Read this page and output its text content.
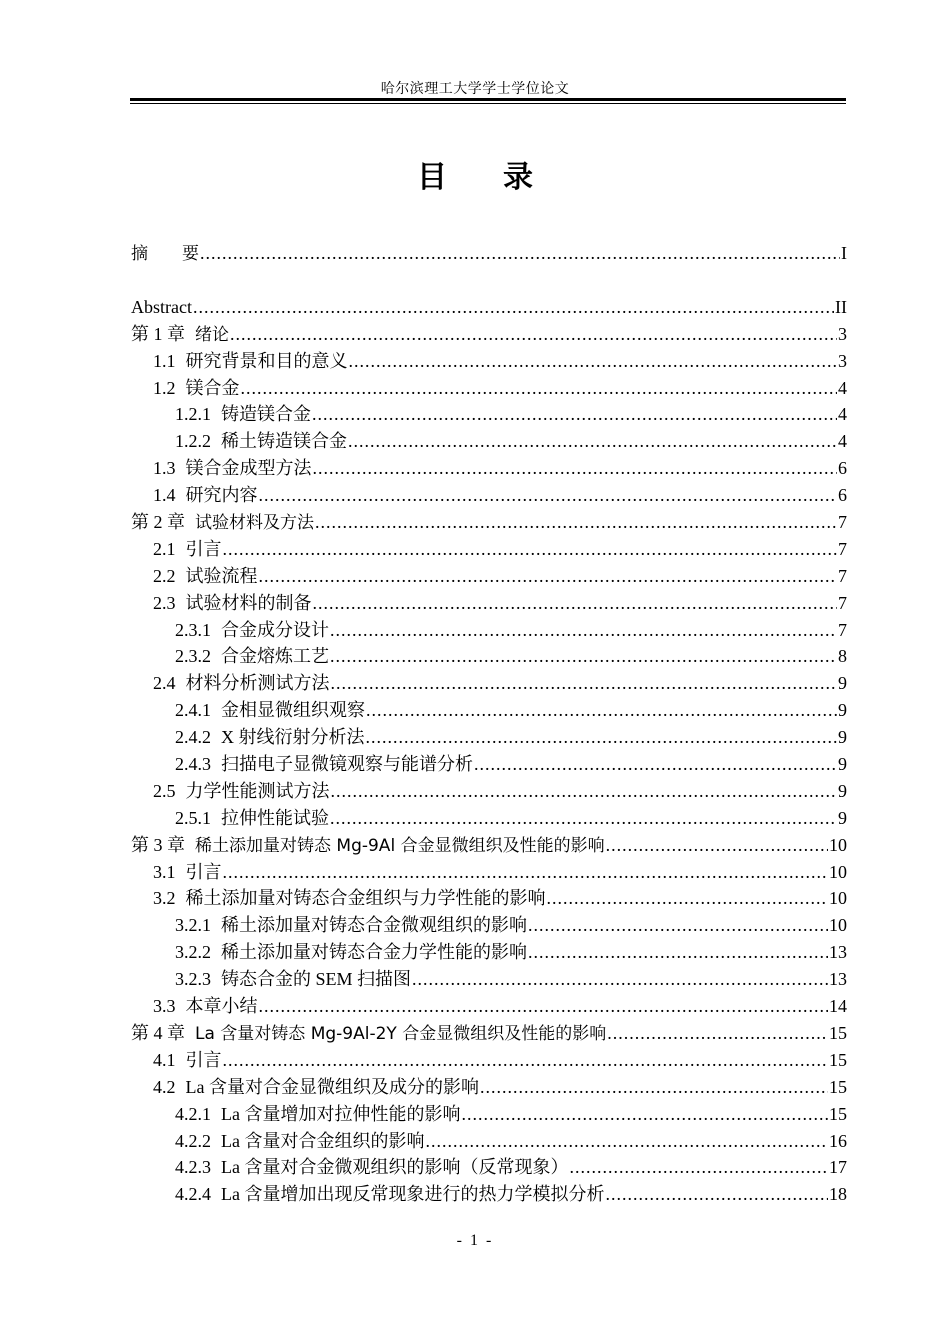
哈尔滨理工大学学士学位论文
目 录
摘　　要 .....	I
Abstract .....	II
第 1 章 绪论 .....	3
1.1 研究背景和目的意义 .....	3
1.2 镁合金 .....	4
1.2.1 铸造镁合金 .....	4
1.2.2 稀土铸造镁合金 .....	4
1.3 镁合金成型方法 .....	6
1.4 研究内容 .....	6
第 2 章 试验材料及方法 .....	7
2.1 引言 .....	7
2.2 试验流程 .....	7
2.3 试验材料的制备 .....	7
2.3.1 合金成分设计 .....	7
2.3.2 合金熔炼工艺 .....	8
2.4 材料分析测试方法 .....	9
2.4.1 金相显微组织观察 .....	9
2.4.2 X 射线衍射分析法 .....	9
2.4.3 扫描电子显微镜观察与能谱分析 .....	9
2.5 力学性能测试方法 .....	9
2.5.1 拉伸性能试验 .....	9
第 3 章 稀土添加量对铸态 Mg-9Al 合金显微组织及性能的影响 .....	10
3.1 引言 .....	10
3.2 稀土添加量对铸态合金组织与力学性能的影响 .....	10
3.2.1 稀土添加量对铸态合金微观组织的影响 .....	10
3.2.2 稀土添加量对铸态合金力学性能的影响 .....	13
3.2.3 铸态合金的 SEM 扫描图 .....	13
3.3 本章小结 .....	14
第 4 章 La 含量对铸态 Mg-9Al-2Y 合金显微组织及性能的影响 .....	15
4.1 引言 .....	15
4.2 La 含量对合金显微组织及成分的影响 .....	15
4.2.1 La 含量增加对拉伸性能的影响 .....	15
4.2.2 La 含量对合金组织的影响 .....	16
4.2.3 La 含量对合金微观组织的影响（反常现象） .....	17
4.2.4 La 含量增加出现反常现象进行的热力学模拟分析 .....	18
- 1 -
